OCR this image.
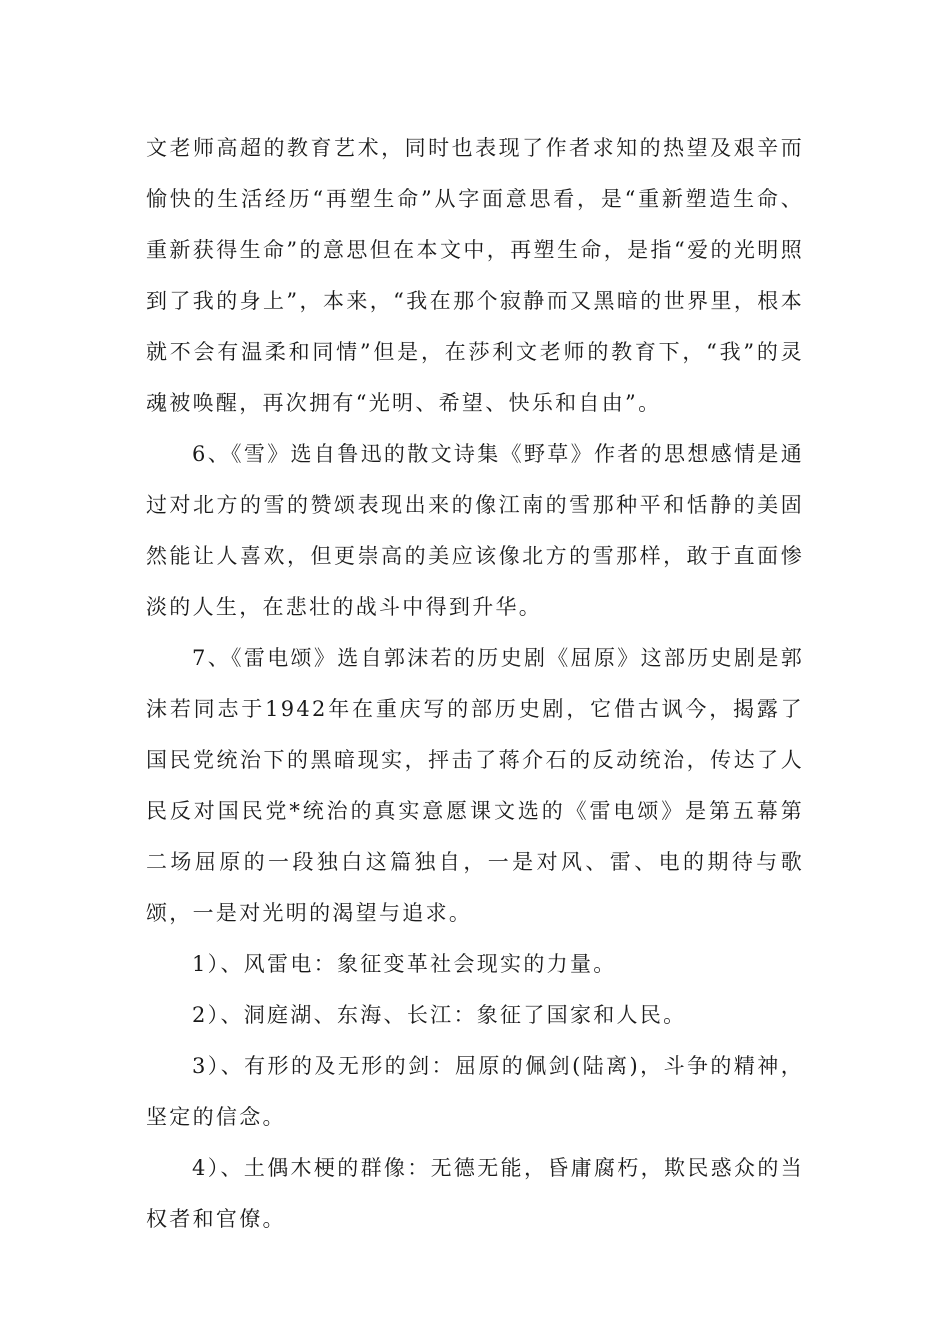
文老师高超的教育艺术，同时也表现了作者求知的热望及艰辛而愉快的生活经历“再塑生命”从字面意思看，是“重新塑造生命、重新获得生命”的意思但在本文中，再塑生命，是指“爱的光明照到了我的身上”，本来，“我在那个寂静而又黑暗的世界里，根本就不会有温柔和同情”但是，在莎利文老师的教育下，“我”的灵魂被唤醒，再次拥有“光明、希望、快乐和自由”。

6、《雪》选自鲁迅的散文诗集《野草》作者的思想感情是通过对北方的雪的赞颂表现出来的像江南的雪那种平和恬静的美固然能让人喜欢，但更崇高的美应该像北方的雪那样，敢于直面惨淡的人生，在悲壮的战斗中得到升华。

7、《雷电颂》选自郭沫若的历史剧《屈原》这部历史剧是郭沫若同志于1942年在重庆写的部历史剧，它借古讽今，揭露了国民党统治下的黑暗现实，抨击了蒋介石的反动统治，传达了人民反对国民党*统治的真实意愿课文选的《雷电颂》是第五幕第二场屈原的一段独白这篇独自，一是对风、雷、电的期待与歌颂，一是对光明的渴望与追求。

1）、风雷电：象征变革社会现实的力量。

2）、洞庭湖、东海、长江：象征了国家和人民。

3）、有形的及无形的剑：屈原的佩剑(陆离)，斗争的精神，坚定的信念。

4）、土偶木梗的群像：无德无能，昏庸腐朽，欺民惑众的当权者和官僚。
